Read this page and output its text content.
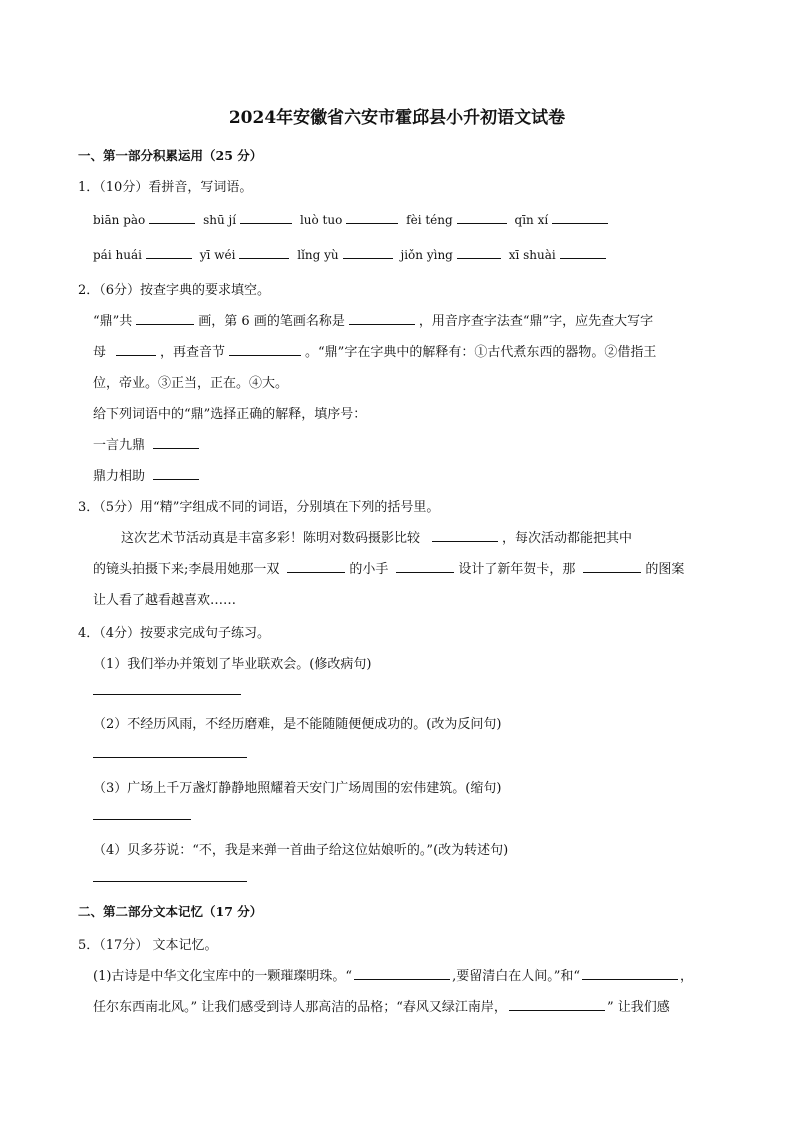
2024年安徽省六安市霍邱县小升初语文试卷
一、第一部分积累运用（25 分）
1．（10分）看拼音，写词语。
biān pào	shū jí	luò tuo	fèi téng	qīn xí
pái huái	yī wéi	lǐng yù	jiǒn yìng	xī shuài
2．（6分）按查字典的要求填空。
“鼎”共	画，第 6 画的笔画名称是	，用音序查字法查“鼎”字，应先查大写字
母	，再查音节	。“鼎”字在字典中的解释有：①古代煮东西的器物。②借指王
位，帝业。③正当，正在。④大。
给下列词语中的“鼎”选择正确的解释，填序号：
一言九鼎
鼎力相助
3．（5分）用“精”字组成不同的词语，分别填在下列的括号里。
这次艺术节活动真是丰富多彩！陈明对数码摄影比较	，每次活动都能把其中
的镜头拍摄下来;李晨用她那一双	的小手	设计了新年贺卡，那	的图案
让人看了越看越喜欢……
4．（4分）按要求完成句子练习。
（1）我们举办并策划了毕业联欢会。(修改病句)
（2）不经历风雨，不经历磨难，是不能随随便便成功的。(改为反问句)
（3）广场上千万盏灯静静地照耀着天安门广场周围的宏伟建筑。(缩句)
（4）贝多芬说：“不，我是来弹一首曲子给这位姑娘听的。”(改为转述句)
二、第二部分文本记忆（17 分）
5．（17分） 文本记忆。
(1)古诗是中华文化宝库中的一颗璀璨明珠。“	,要留清白在人间。”和“	，
任尔东西南北风。” 让我们感受到诗人那高洁的品格；“春风又绿江南岸，	” 让我们感
